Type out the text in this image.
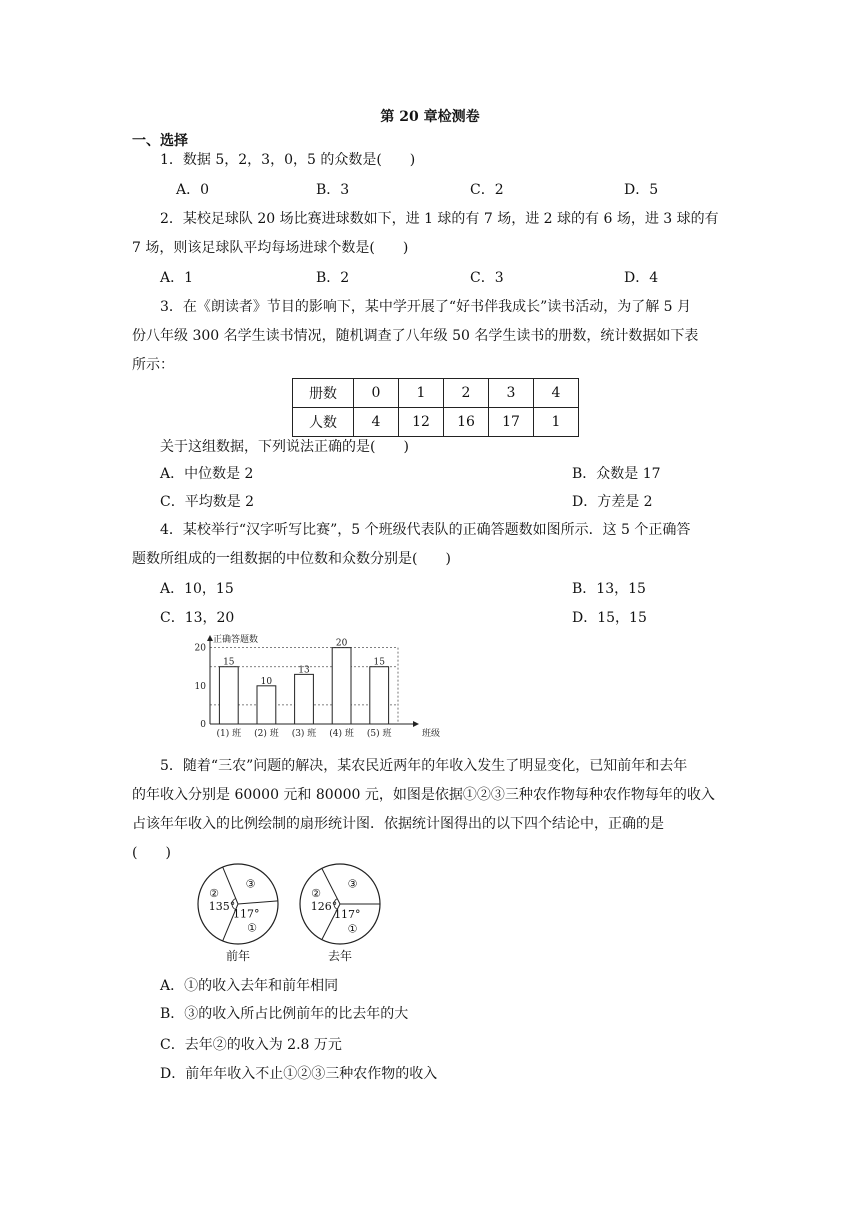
第 20 章检测卷
一、选择
1．数据 5，2，3，0，5 的众数是(　　)
A．0	B．3	C．2	D．5
2．某校足球队 20 场比赛进球数如下，进 1 球的有 7 场，进 2 球的有 6 场，进 3 球的有
7 场，则该足球队平均每场进球个数是(　　)
A．1	B．2	C．3	D．4
3．在《朗读者》节目的影响下，某中学开展了“好书伴我成长”读书活动，为了解 5 月
份八年级 300 名学生读书情况，随机调查了八年级 50 名学生读书的册数，统计数据如下表
所示：
册数	0	1	2	3	4
人数	4	12	16	17	1
关于这组数据，下列说法正确的是(　　)
A．中位数是 2	B．众数是 17
C．平均数是 2	D．方差是 2
4．某校举行“汉字听写比赛”，5 个班级代表队的正确答题数如图所示．这 5 个正确答
题数所组成的一组数据的中位数和众数分别是(　　)
A．10，15	B．13，15
C．13，20	D．15，15
0
10
20
15
(1) 班
10
(2) 班
13
(3) 班
20
(4) 班
15
(5) 班
正确答题数
班级
5．随着“三农”问题的解决，某农民近两年的年收入发生了明显变化，已知前年和去年
的年收入分别是 60000 元和 80000 元，如图是依据①②③三种农作物每种农作物每年的收入
占该年年收入的比例绘制的扇形统计图．依据统计图得出的以下四个结论中，正确的是
(　　)
②
135°
③
117°
①
前年
②
126°
③
117°
①
去年
A．①的收入去年和前年相同
B．③的收入所占比例前年的比去年的大
C．去年②的收入为 2.8 万元
D．前年年收入不止①②③三种农作物的收入
